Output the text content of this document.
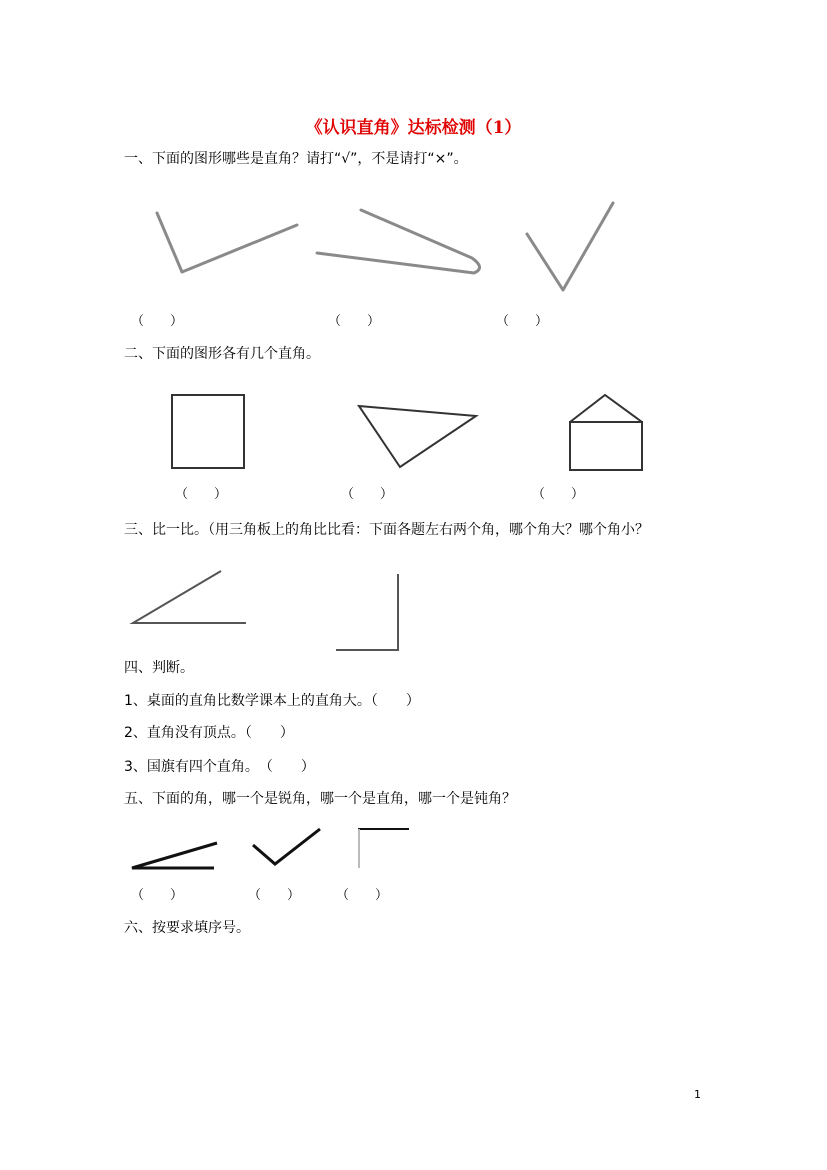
《认识直角》达标检测（1）
一、下面的图形哪些是直角？请打“√”，不是请打“×”。
（　　）	（　　）	（　　）
二、下面的图形各有几个直角。
（　　）	（　　）	（　　）
三、比一比。（用三角板上的角比比看：下面各题左右两个角，哪个角大？哪个角小？
四、判断。
1、桌面的直角比数学课本上的直角大。（　　）
2、直角没有顶点。（　　）
3、国旗有四个直角。　（　　）
五、下面的角，哪一个是锐角，哪一个是直角，哪一个是钝角？
（　　）	（　　）	（　　）
六、按要求填序号。
1
